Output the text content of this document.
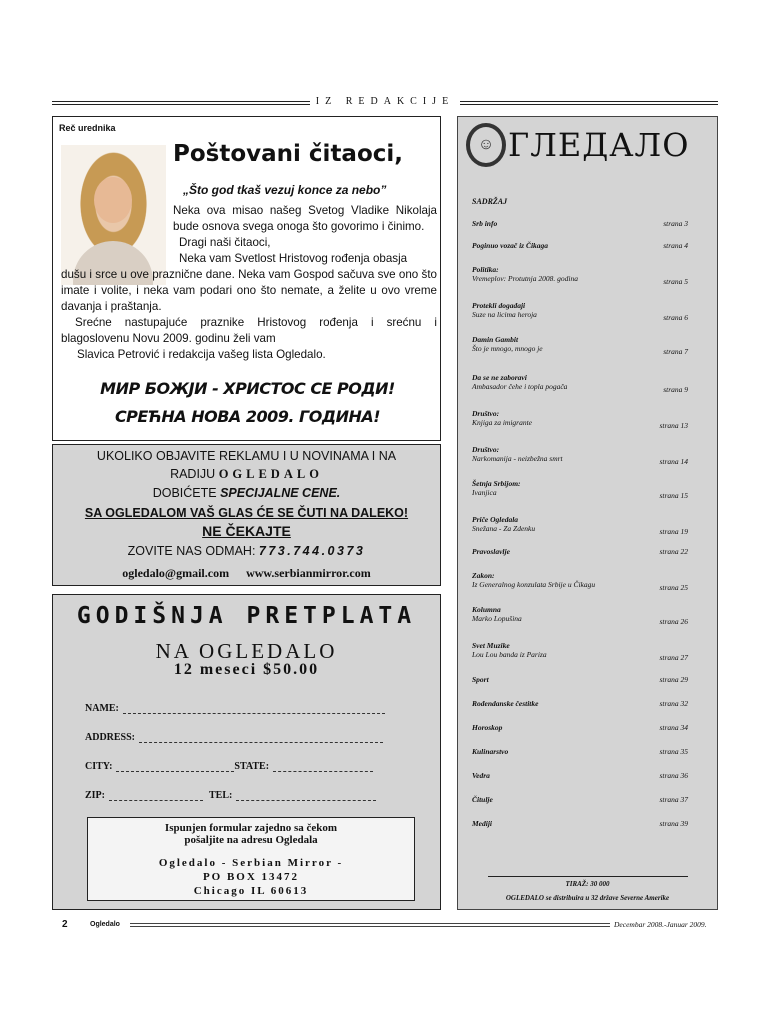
IZ REDAKCIJE
Reč urednika
Poštovani čitaoci,
„Što god tkaš vezuj konce za nebo”

Neka ova misao našeg Svetog Vladike Nikolaja bude osnova svega onoga što govorimo i činimo.

Dragi naši čitaoci,

Neka vam Svetlost Hristovog rođenja obasja

dušu i srce u ove praznične dane. Neka vam Gospod sačuva sve ono što imate i volite, i neka vam podari ono što nemate, a želite u ovo vreme davanja i praštanja.

Srećne nastupajuće praznike Hristovog rođenja i srećnu i blagoslovenu Novu 2009. godinu želi vam

Slavica Petrović i redakcija vašeg lista Ogledalo.

МИР БОЖЈИ - ХРИСТОС СЕ РОДИ!
СРЕЋНА НОВА 2009. ГОДИНА!
UKOLIKO OBJAVITE REKLAMU I U NOVINAMA I NA
RADIJU OGLEDALO
DOBIĆETE SPECIJALNE CENE.
SA OGLEDALOM VAŠ GLAS ĆE SE ČUTI NA DALEKO!
NE ČEKAJTE
ZOVITE NAS ODMAH: 773.744.0373
ogledalo@gmail.com www.serbianmirror.com
GODIŠNJA PRETPLATA
NA OGLEDALO
12 meseci $50.00
NAME:
ADDRESS:
CITY:	STATE:
ZIP:	TEL:
Ispunjen formular zajedno sa čekom
pošaljite na adresu Ogledala
Ogledalo - Serbian Mirror -
PO BOX 13472
Chicago IL 60613
☺ ГЛЕДАЛО
SADRŽAJ
Srb info	strana 3
Poginuo vozač iz Čikaga	strana 4
Politika:
Vremeplov: Protutnja 2008. godina	strana 5
Protekli događaji
Suze na licima heroja	strana 6
Damin Gambit
Što je mnogo, mnogo je	strana 7
Da se ne zaboravi
Ambasador čehe i topla pogača	strana 9
Društvo:
Knjiga za imigrante	strana 13
Društvo:
Narkomanija - neizbežna smrt	strana 14
Šetnja Srbijom:
Ivanjica	strana 15
Priče Ogledala
Snežana - Za Zdenku	strana 19
Pravoslavlje	strana 22
Zakon:
Iz Generalnog konzulata Srbije u Čikagu	strana 25
Kolumna
Marko Lopušina	strana 26
Svet Muzike
Lou Lou banda iz Pariza	strana 27
Sport	strana 29
Rođendanske čestitke	strana 32
Horoskop	strana 34
Kulinarstvo	strana 35
Vedra	strana 36
Čitulje	strana 37
Mediji	strana 39
TIRAŽ: 30 000
OGLEDALO se distribuira u 32 države Severne Amerike
2	Ogledalo	Decembar 2008.-Januar 2009.
